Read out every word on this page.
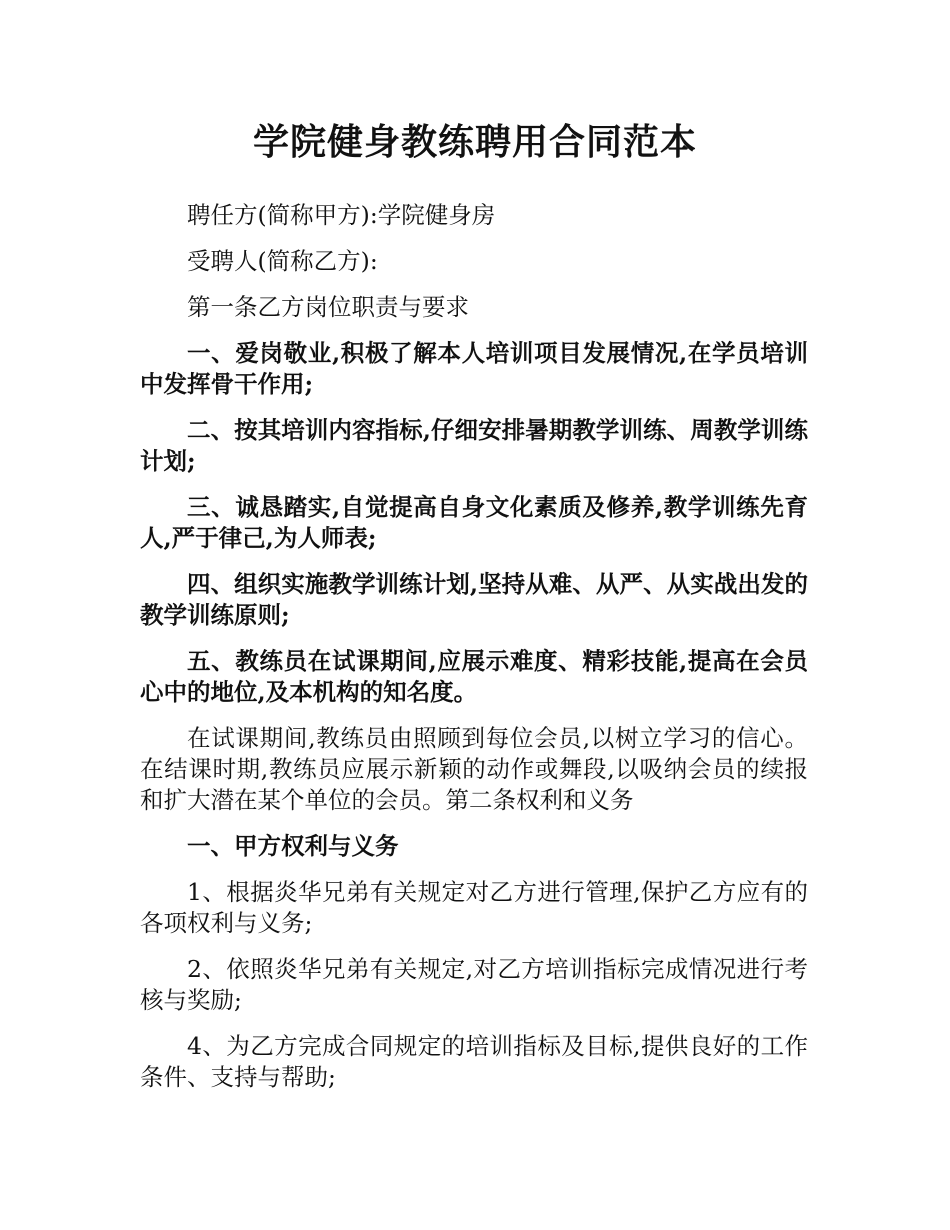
学院健身教练聘用合同范本

聘任方(简称甲方):学院健身房

受聘人(简称乙方):

第一条乙方岗位职责与要求

一、爱岗敬业,积极了解本人培训项目发展情况,在学员培训中发挥骨干作用;

二、按其培训内容指标,仔细安排暑期教学训练、周教学训练计划;

三、诚恳踏实,自觉提高自身文化素质及修养,教学训练先育人,严于律己,为人师表;

四、组织实施教学训练计划,坚持从难、从严、从实战出发的教学训练原则;

五、教练员在试课期间,应展示难度、精彩技能,提高在会员心中的地位,及本机构的知名度。

在试课期间,教练员由照顾到每位会员,以树立学习的信心。在结课时期,教练员应展示新颖的动作或舞段,以吸纳会员的续报和扩大潜在某个单位的会员。第二条权利和义务

一、甲方权利与义务

1、根据炎华兄弟有关规定对乙方进行管理,保护乙方应有的各项权利与义务;

2、依照炎华兄弟有关规定,对乙方培训指标完成情况进行考核与奖励;

4、为乙方完成合同规定的培训指标及目标,提供良好的工作条件、支持与帮助;
